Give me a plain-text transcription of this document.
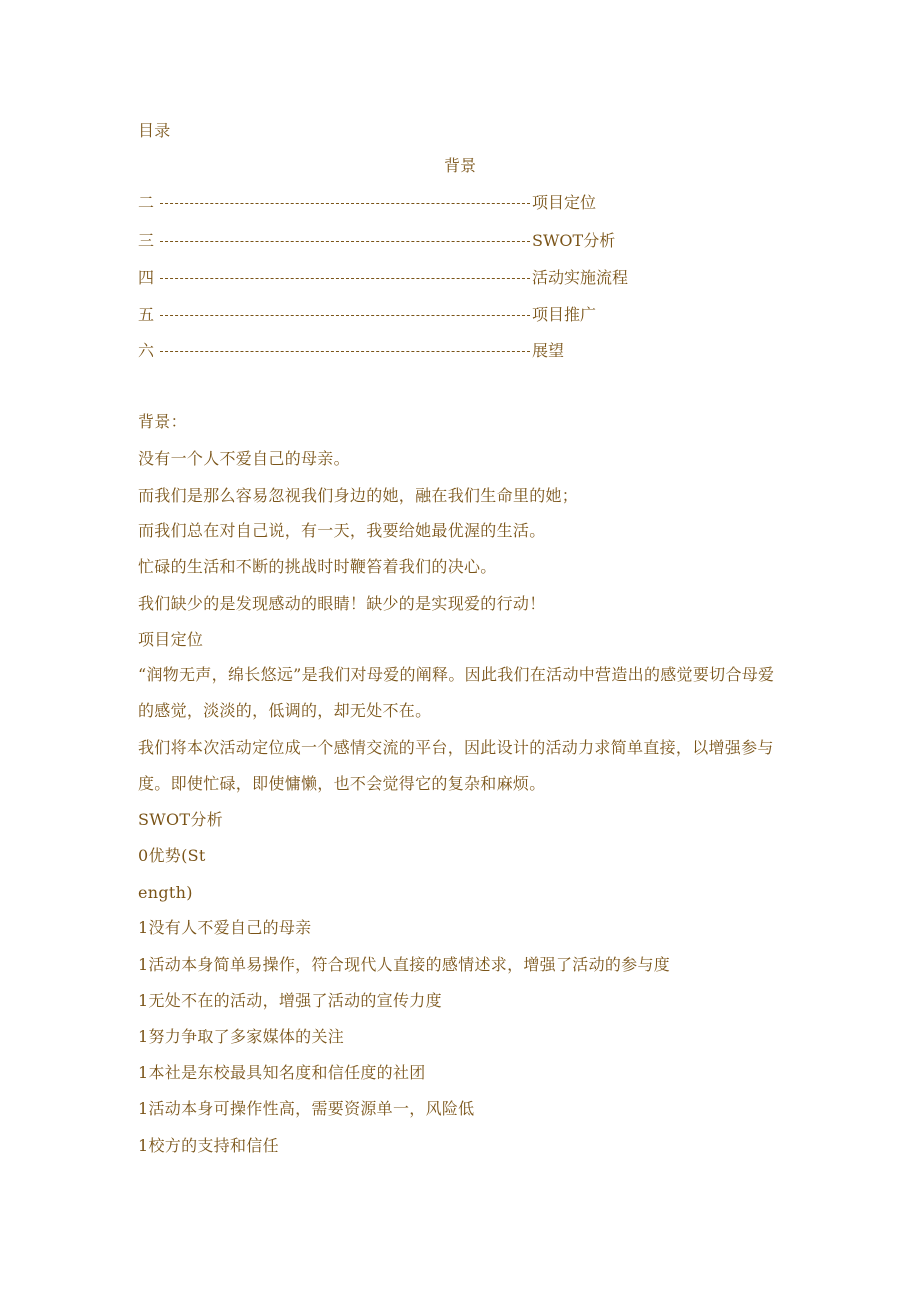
目录
背景
二	项目定位
三	SWOT分析
四	活动实施流程
五	项目推广
六	展望
背景：
没有一个人不爱自己的母亲。
而我们是那么容易忽视我们身边的她，融在我们生命里的她；
而我们总在对自己说，有一天，我要给她最优渥的生活。
忙碌的生活和不断的挑战时时鞭笞着我们的决心。
我们缺少的是发现感动的眼睛！缺少的是实现爱的行动！
项目定位
“润物无声，绵长悠远”是我们对母爱的阐释。因此我们在活动中营造出的感觉要切合母爱的感觉，淡淡的，低调的，却无处不在。
我们将本次活动定位成一个感情交流的平台，因此设计的活动力求简单直接，以增强参与度。即使忙碌，即使慵懒，也不会觉得它的复杂和麻烦。
SWOT分析
0优势(St
ength)
1没有人不爱自己的母亲
1活动本身简单易操作，符合现代人直接的感情述求，增强了活动的参与度
1无处不在的活动，增强了活动的宣传力度
1努力争取了多家媒体的关注
1本社是东校最具知名度和信任度的社团
1活动本身可操作性高，需要资源单一，风险低
1校方的支持和信任
